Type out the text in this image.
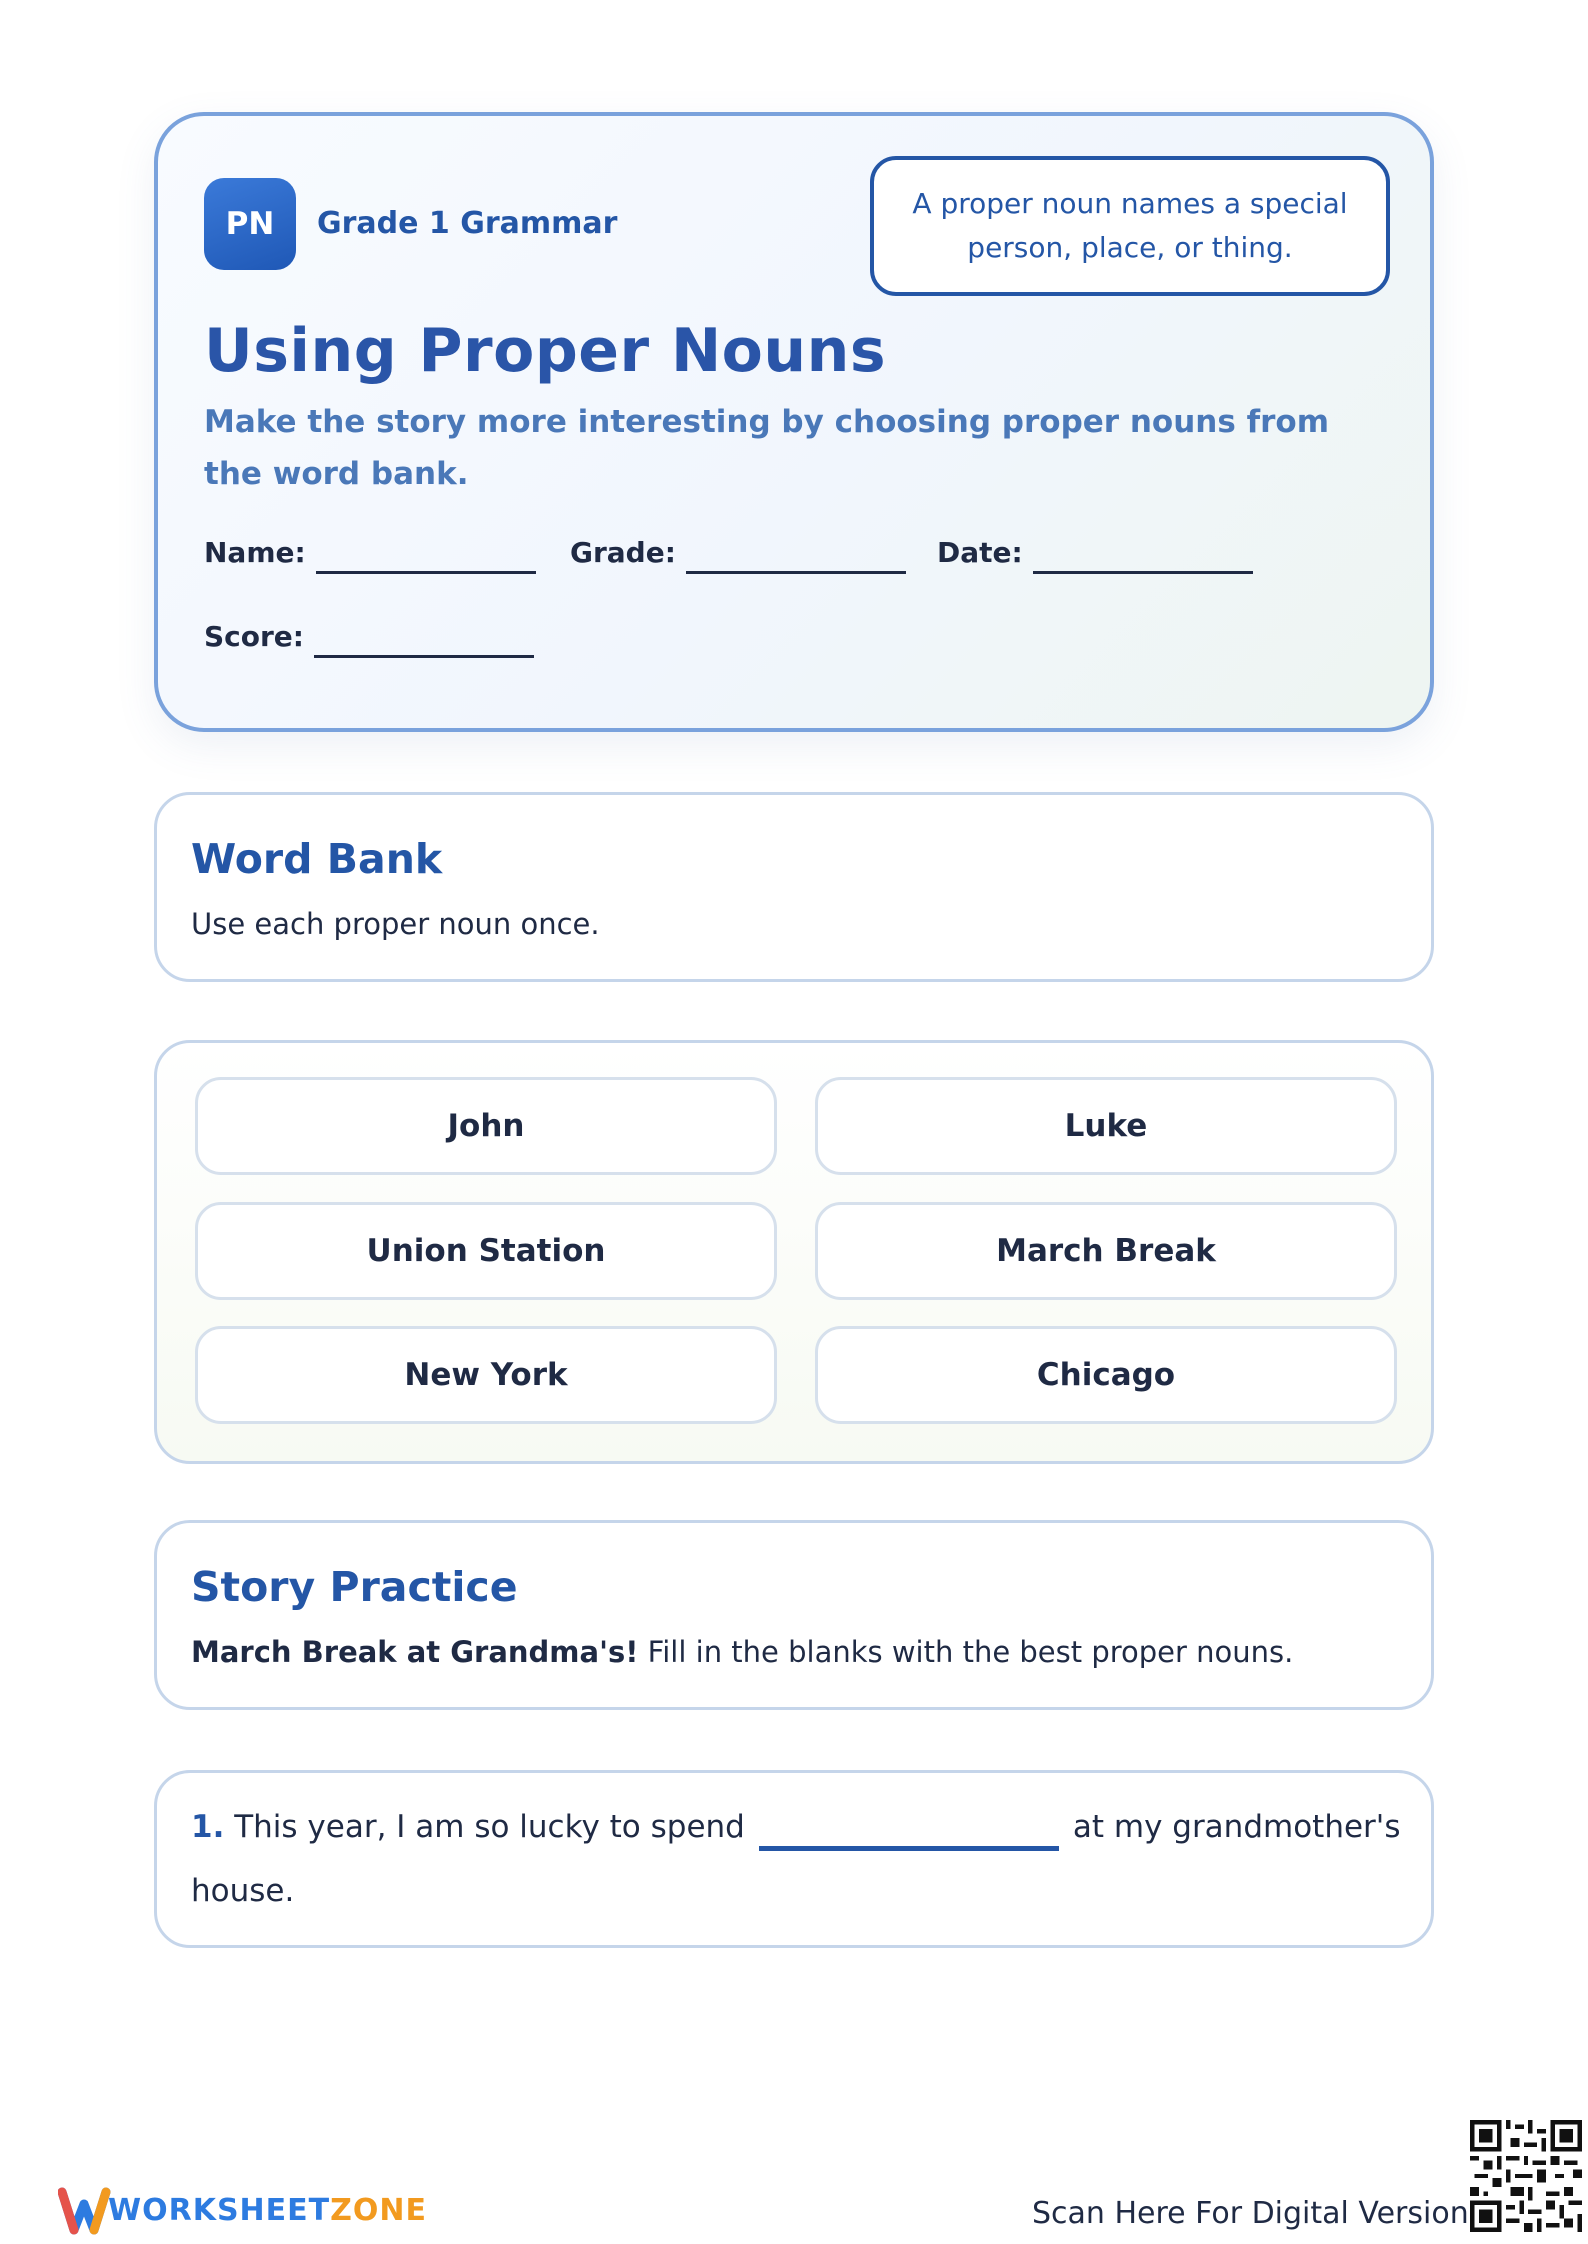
PN	Grade 1 Grammar
A proper noun names a special person, place, or thing.
Using Proper Nouns
Make the story more interesting by choosing proper nouns from the word bank.
Name:	Grade:	Date:
Score:
Word Bank
Use each proper noun once.
John	Luke
Union Station	March Break
New York	Chicago
Story Practice
March Break at Grandma's! Fill in the blanks with the best proper nouns.
1. This year, I am so lucky to spend	at my grandmother's house.
WORKSHEETZONE	Scan Here For Digital Version
